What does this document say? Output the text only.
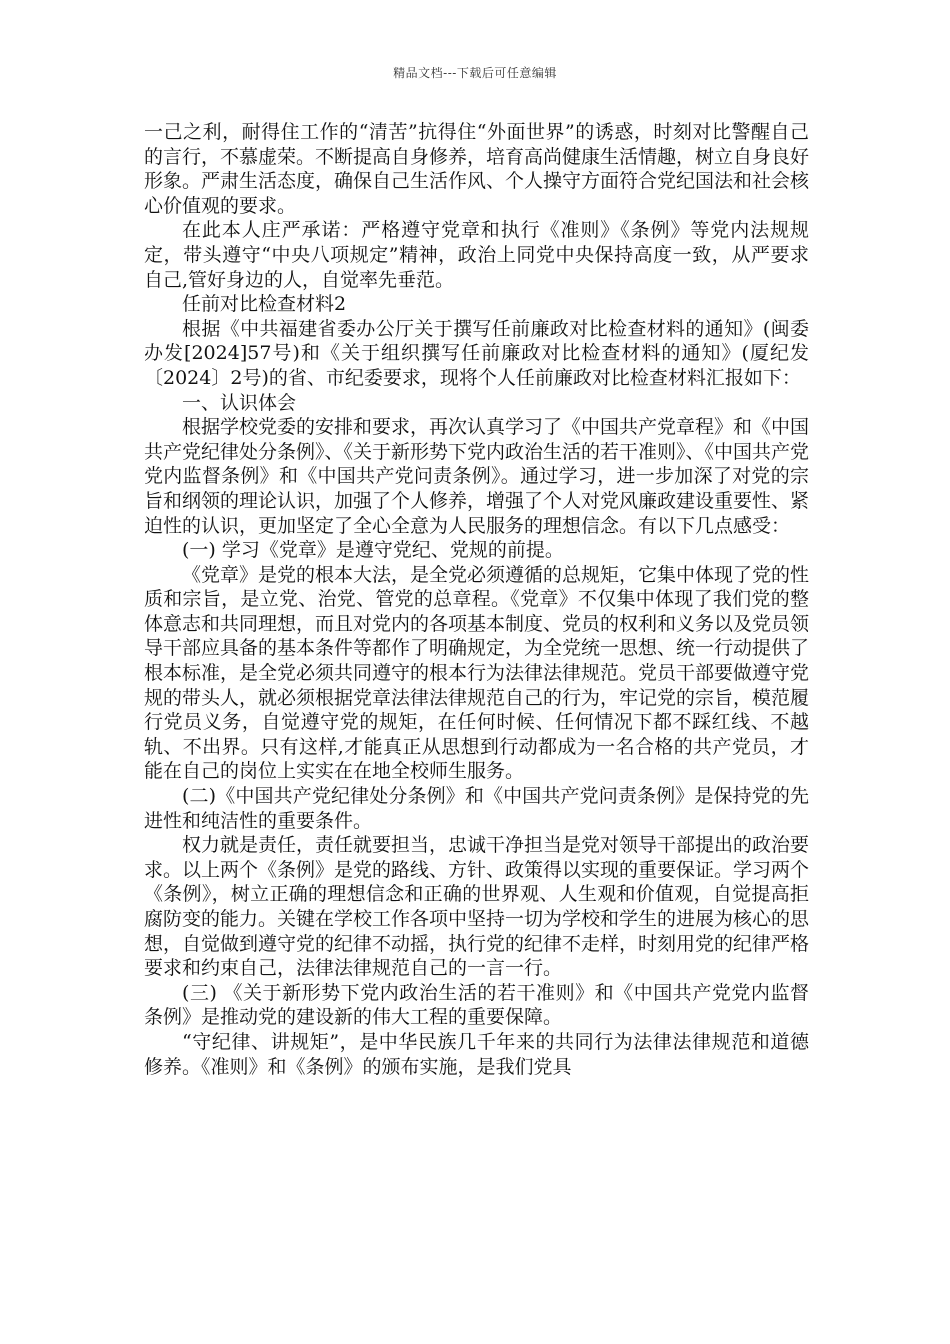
精品文档---下载后可任意编辑

一己之利，耐得住工作的“清苦”抗得住“外面世界”的诱惑，时刻对比警醒自己的言行，不慕虚荣。不断提高自身修养，培育高尚健康生活情趣，树立自身良好形象。严肃生活态度，确保自己生活作风、个人操守方面符合党纪国法和社会核心价值观的要求。

在此本人庄严承诺：严格遵守党章和执行《准则》《条例》等党内法规规定，带头遵守“中央八项规定”精神，政治上同党中央保持高度一致，从严要求自己,管好身边的人，自觉率先垂范。

任前对比检查材料2

根据《中共福建省委办公厅关于撰写任前廉政对比检查材料的通知》(闽委办发[2024]57号)和《关于组织撰写任前廉政对比检查材料的通知》(厦纪发〔2024〕2号)的省、市纪委要求，现将个人任前廉政对比检查材料汇报如下：

一、认识体会

根据学校党委的安排和要求，再次认真学习了《中国共产党章程》和《中国共产党纪律处分条例》、《关于新形势下党内政治生活的若干准则》、《中国共产党党内监督条例》和《中国共产党问责条例》。通过学习，进一步加深了对党的宗旨和纲领的理论认识，加强了个人修养，增强了个人对党风廉政建设重要性、紧迫性的认识，更加坚定了全心全意为人民服务的理想信念。有以下几点感受：

(一) 学习《党章》是遵守党纪、党规的前提。

《党章》是党的根本大法，是全党必须遵循的总规矩，它集中体现了党的性质和宗旨，是立党、治党、管党的总章程。《党章》不仅集中体现了我们党的整体意志和共同理想，而且对党内的各项基本制度、党员的权利和义务以及党员领导干部应具备的基本条件等都作了明确规定，为全党统一思想、统一行动提供了根本标准，是全党必须共同遵守的根本行为法律法律规范。党员干部要做遵守党规的带头人，就必须根据党章法律法律规范自己的行为，牢记党的宗旨，模范履行党员义务，自觉遵守党的规矩，在任何时候、任何情况下都不踩红线、不越轨、不出界。只有这样,才能真正从思想到行动都成为一名合格的共产党员，才能在自己的岗位上实实在在地全校师生服务。

(二)《中国共产党纪律处分条例》和《中国共产党问责条例》是保持党的先进性和纯洁性的重要条件。

权力就是责任，责任就要担当，忠诚干净担当是党对领导干部提出的政治要求。以上两个《条例》是党的路线、方针、政策得以实现的重要保证。学习两个《条例》，树立正确的理想信念和正确的世界观、人生观和价值观，自觉提高拒腐防变的能力。关键在学校工作各项中坚持一切为学校和学生的进展为核心的思想，自觉做到遵守党的纪律不动摇，执行党的纪律不走样，时刻用党的纪律严格要求和约束自己，法律法律规范自己的一言一行。

(三) 《关于新形势下党内政治生活的若干准则》和《中国共产党党内监督条例》是推动党的建设新的伟大工程的重要保障。

“守纪律、讲规矩”，是中华民族几千年来的共同行为法律法律规范和道德修养。《准则》和《条例》的颁布实施，是我们党具
